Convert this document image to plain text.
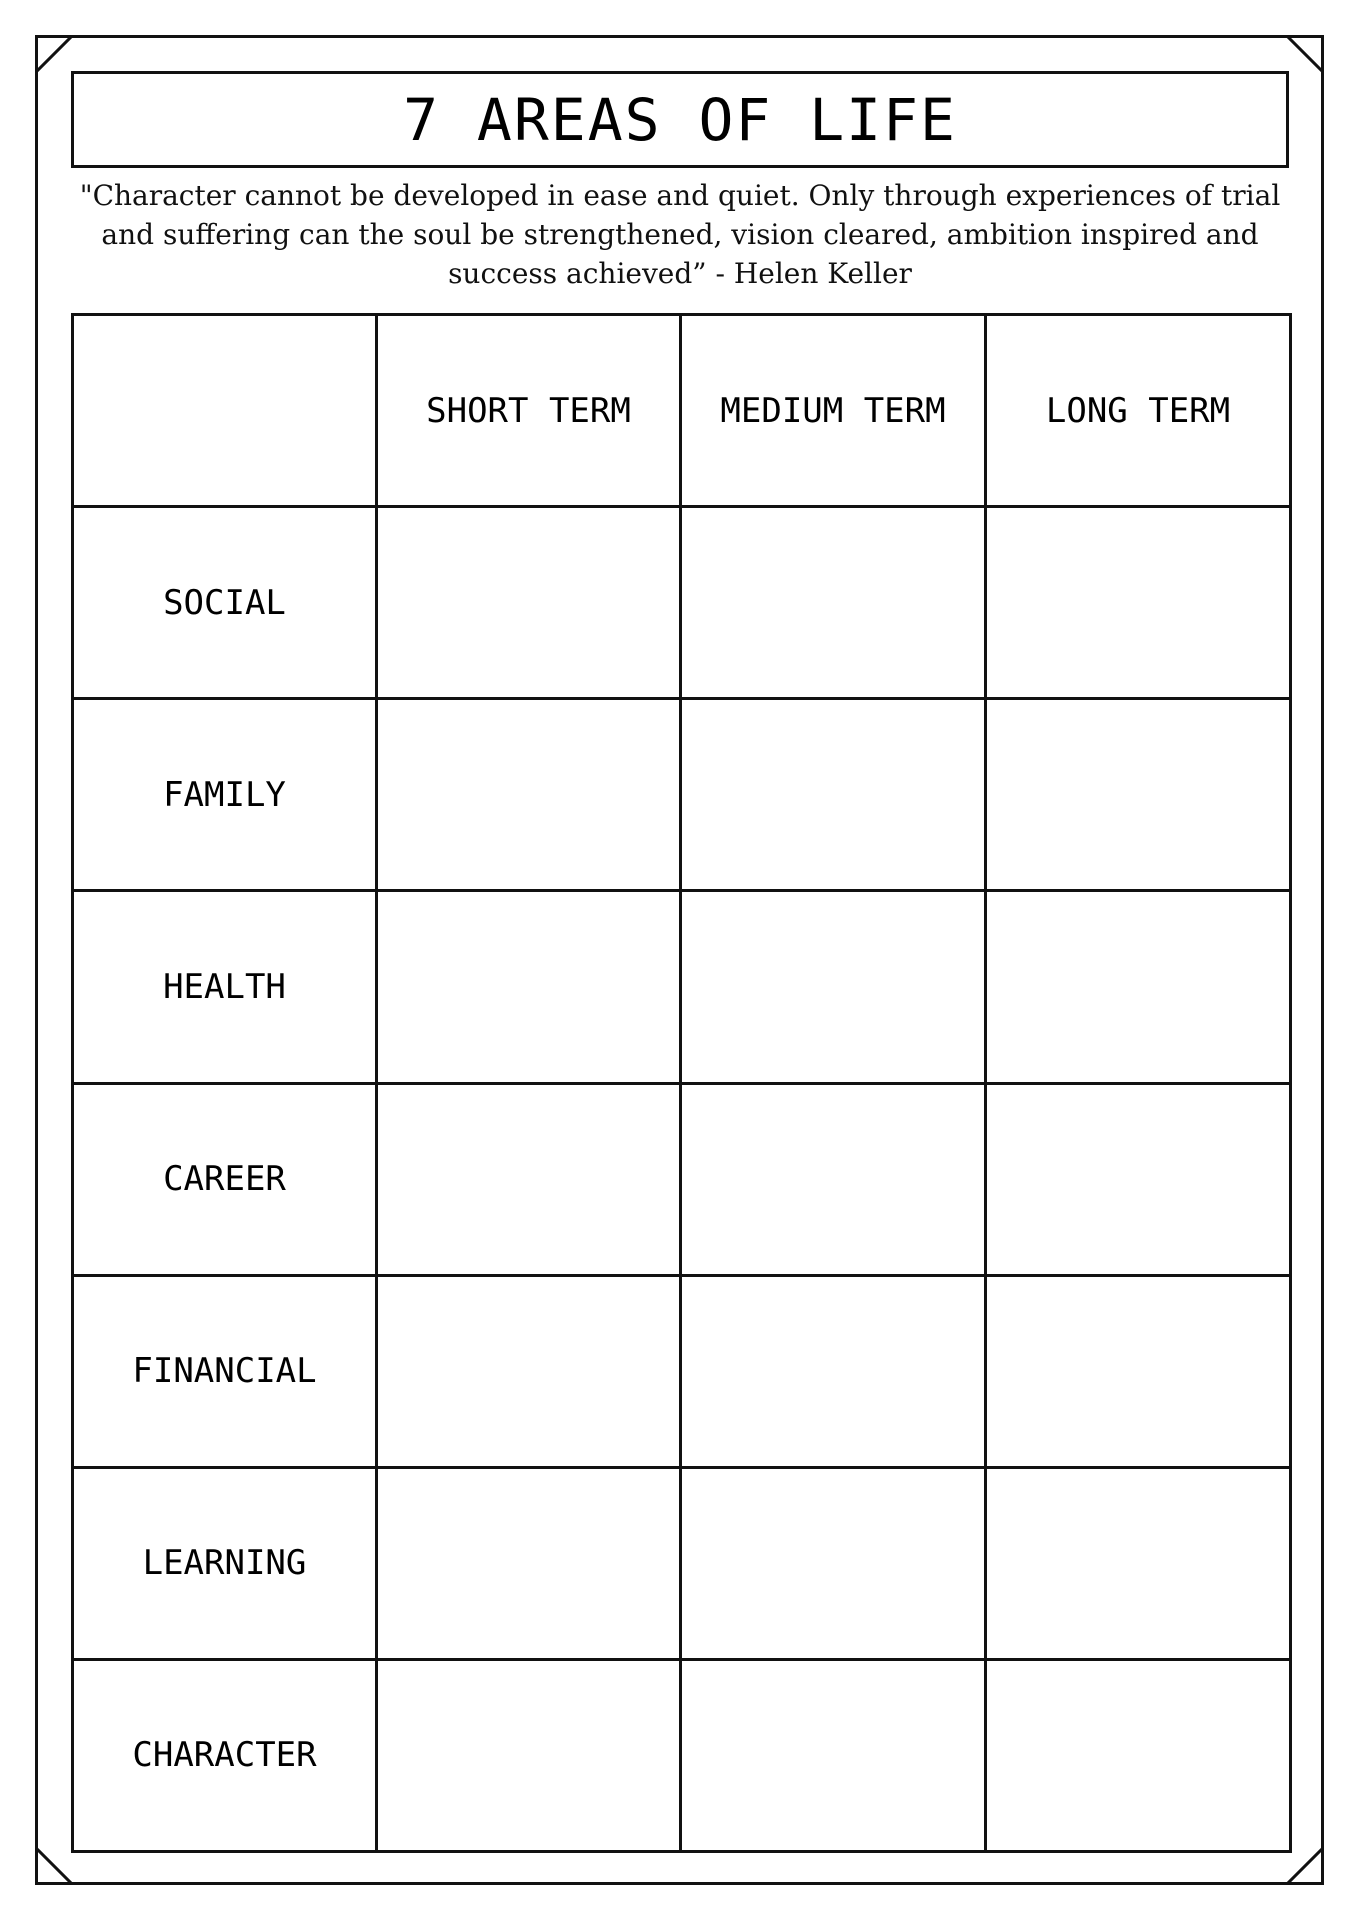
7 AREAS OF LIFE
"Character cannot be developed in ease and quiet. Only through experiences of trial and suffering can the soul be strengthened, vision cleared, ambition inspired and success achieved” - Helen Keller
	SHORT TERM	MEDIUM TERM	LONG TERM
SOCIAL			
FAMILY			
HEALTH			
CAREER			
FINANCIAL			
LEARNING			
CHARACTER			
